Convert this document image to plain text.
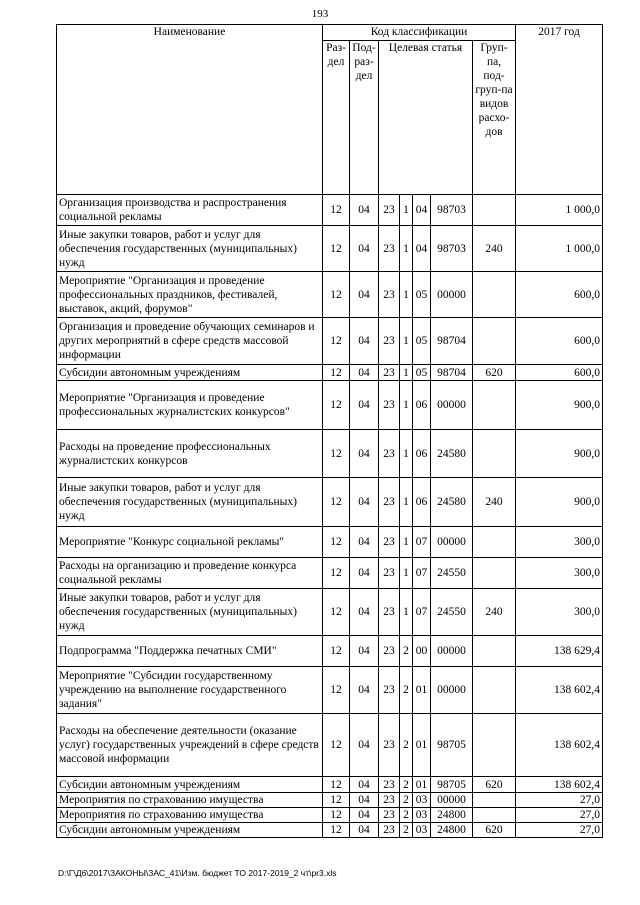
193
Наименование	Код классификации							2017 год
	Раз-дел	Под-раз-дел	Целевая статья				Груп-па, под-груп-па видов расхо-дов	
Организация производства и распространения социальной рекламы	12	04	23	1	04	98703		1 000,0
Иные закупки товаров, работ и услуг для обеспечения государственных (муниципальных) нужд	12	04	23	1	04	98703	240	1 000,0
Мероприятие "Организация и проведение профессиональных праздников, фестивалей, выставок, акций, форумов"	12	04	23	1	05	00000		600,0
Организация и проведение обучающих семинаров и других мероприятий в сфере средств массовой информации	12	04	23	1	05	98704		600,0
Субсидии автономным учреждениям	12	04	23	1	05	98704	620	600,0
Мероприятие "Организация и проведение профессиональных журналистских конкурсов"	12	04	23	1	06	00000		900,0
Расходы на проведение профессиональных журналистских конкурсов	12	04	23	1	06	24580		900,0
Иные закупки товаров, работ и услуг для обеспечения государственных (муниципальных) нужд	12	04	23	1	06	24580	240	900,0
Мероприятие "Конкурс социальной рекламы"	12	04	23	1	07	00000		300,0
Расходы на организацию и проведение конкурса социальной рекламы	12	04	23	1	07	24550		300,0
Иные закупки товаров, работ и услуг для обеспечения государственных (муниципальных) нужд	12	04	23	1	07	24550	240	300,0
Подпрограмма "Поддержка печатных СМИ"	12	04	23	2	00	00000		138 629,4
Мероприятие "Субсидии государственному учреждению на выполнение государственного задания"	12	04	23	2	01	00000		138 602,4
Расходы на обеспечение деятельности (оказание услуг) государственных учреждений в сфере средств массовой информации	12	04	23	2	01	98705		138 602,4
Субсидии автономным учреждениям	12	04	23	2	01	98705	620	138 602,4
Мероприятия по страхованию имущества	12	04	23	2	03	00000		27,0
Мероприятия по страхованию имущества	12	04	23	2	03	24800		27,0
Субсидии автономным учреждениям	12	04	23	2	03	24800	620	27,0
D:\Г\Д6\2017\ЗАКОНЫ\ЗАС_41\Изм. бюджет ТО 2017-2019_2 чт\pr3.xls
